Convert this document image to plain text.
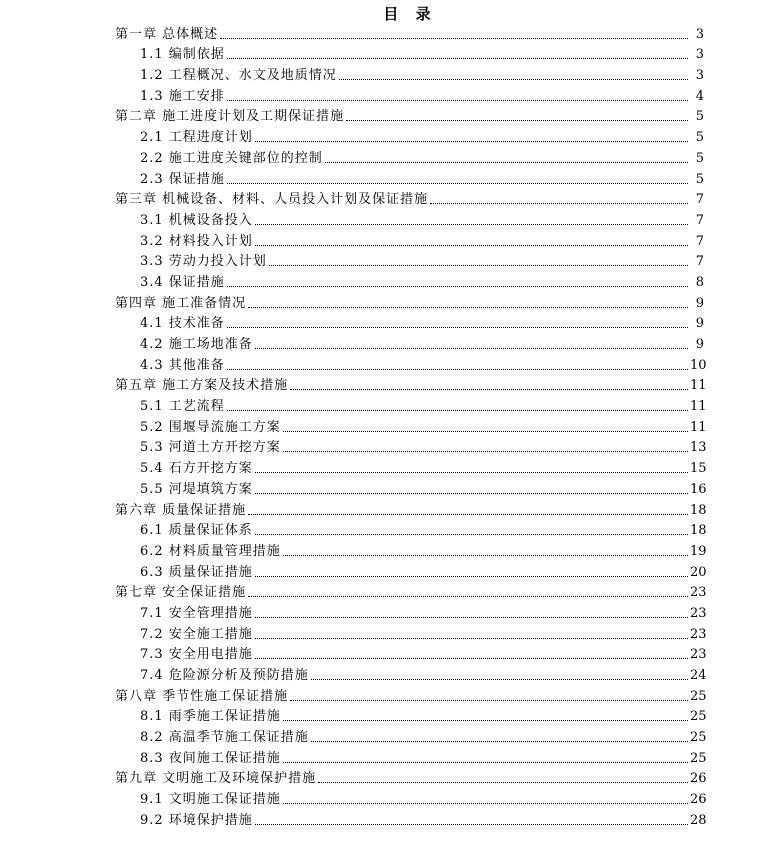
目 录
第一章 总体概述	3
1.1 编制依据	3
1.2 工程概况、水文及地质情况	3
1.3 施工安排	4
第二章 施工进度计划及工期保证措施	5
2.1 工程进度计划	5
2.2 施工进度关键部位的控制	5
2.3 保证措施	5
第三章 机械设备、材料、人员投入计划及保证措施	7
3.1 机械设备投入	7
3.2 材料投入计划	7
3.3 劳动力投入计划	7
3.4 保证措施	8
第四章 施工准备情况	9
4.1 技术准备	9
4.2 施工场地准备	9
4.3 其他准备	10
第五章 施工方案及技术措施	11
5.1 工艺流程	11
5.2 围堰导流施工方案	11
5.3 河道土方开挖方案	13
5.4 石方开挖方案	15
5.5 河堤填筑方案	16
第六章 质量保证措施	18
6.1 质量保证体系	18
6.2 材料质量管理措施	19
6.3 质量保证措施	20
第七章 安全保证措施	23
7.1 安全管理措施	23
7.2 安全施工措施	23
7.3 安全用电措施	23
7.4 危险源分析及预防措施	24
第八章 季节性施工保证措施	25
8.1 雨季施工保证措施	25
8.2 高温季节施工保证措施	25
8.3 夜间施工保证措施	25
第九章 文明施工及环境保护措施	26
9.1 文明施工保证措施	26
9.2 环境保护措施	28
